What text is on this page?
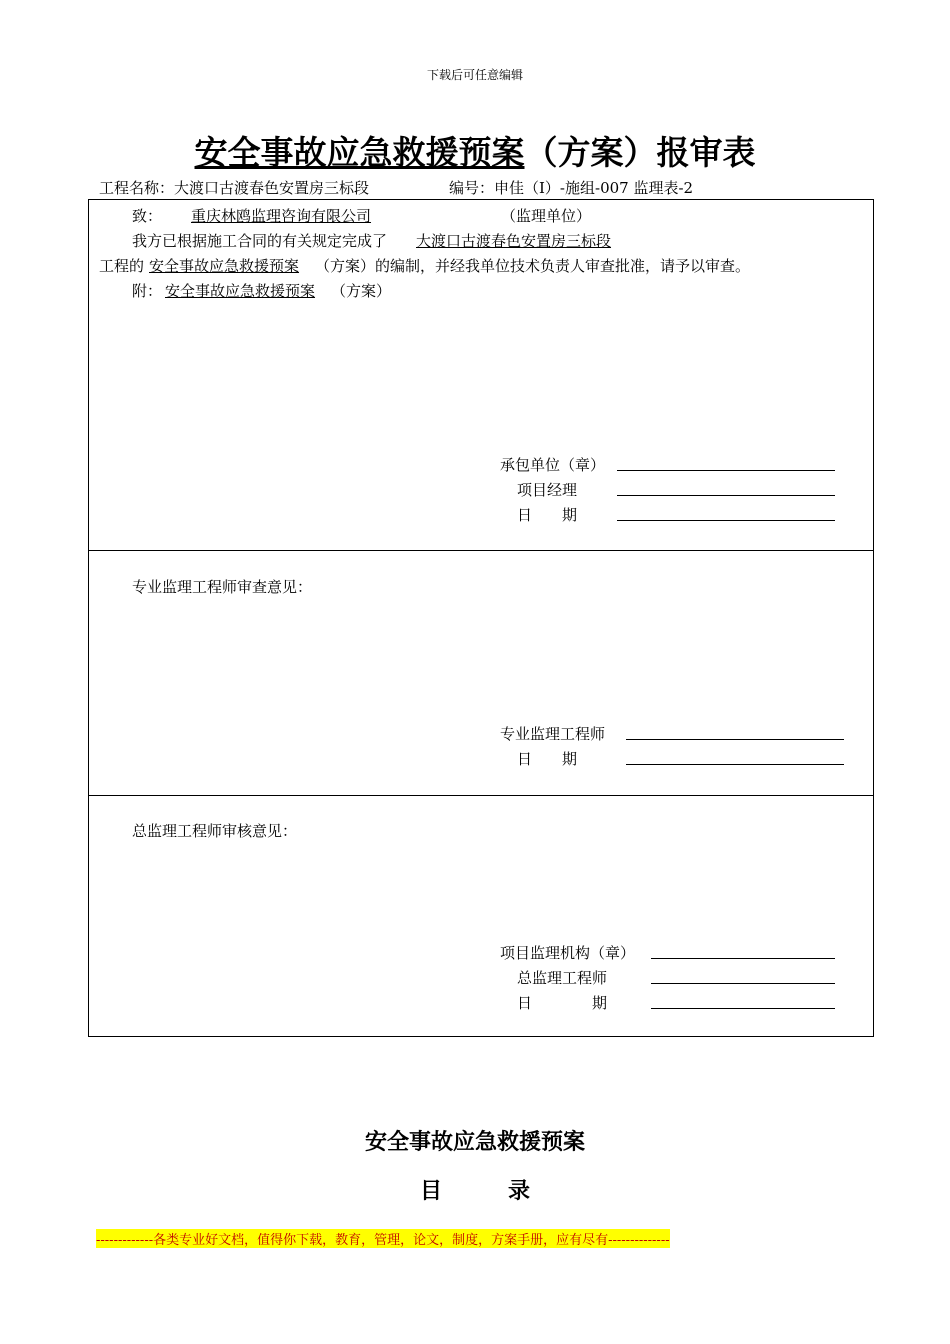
下载后可任意编辑
安全事故应急救援预案（方案）报审表
工程名称：大渡口古渡春色安置房三标段	编号：申佳（I）-施组-007 监理表-2
致：	重庆林鸥监理咨询有限公司	（监理单位）
我方已根据施工合同的有关规定完成了 大渡口古渡春色安置房三标段
工程的 安全事故应急救援预案 （方案）的编制，并经我单位技术负责人审查批准，请予以审查。
附： 安全事故应急救援预案 （方案）
承包单位（章）
项目经理
日　　期
专业监理工程师审查意见：
专业监理工程师
日　　期
总监理工程师审核意见：
项目监理机构（章）
总监理工程师
日　　　　期
安全事故应急救援预案
目　　　录
-------------各类专业好文档，值得你下载，教育，管理，论文，制度，方案手册，应有尽有--------------
